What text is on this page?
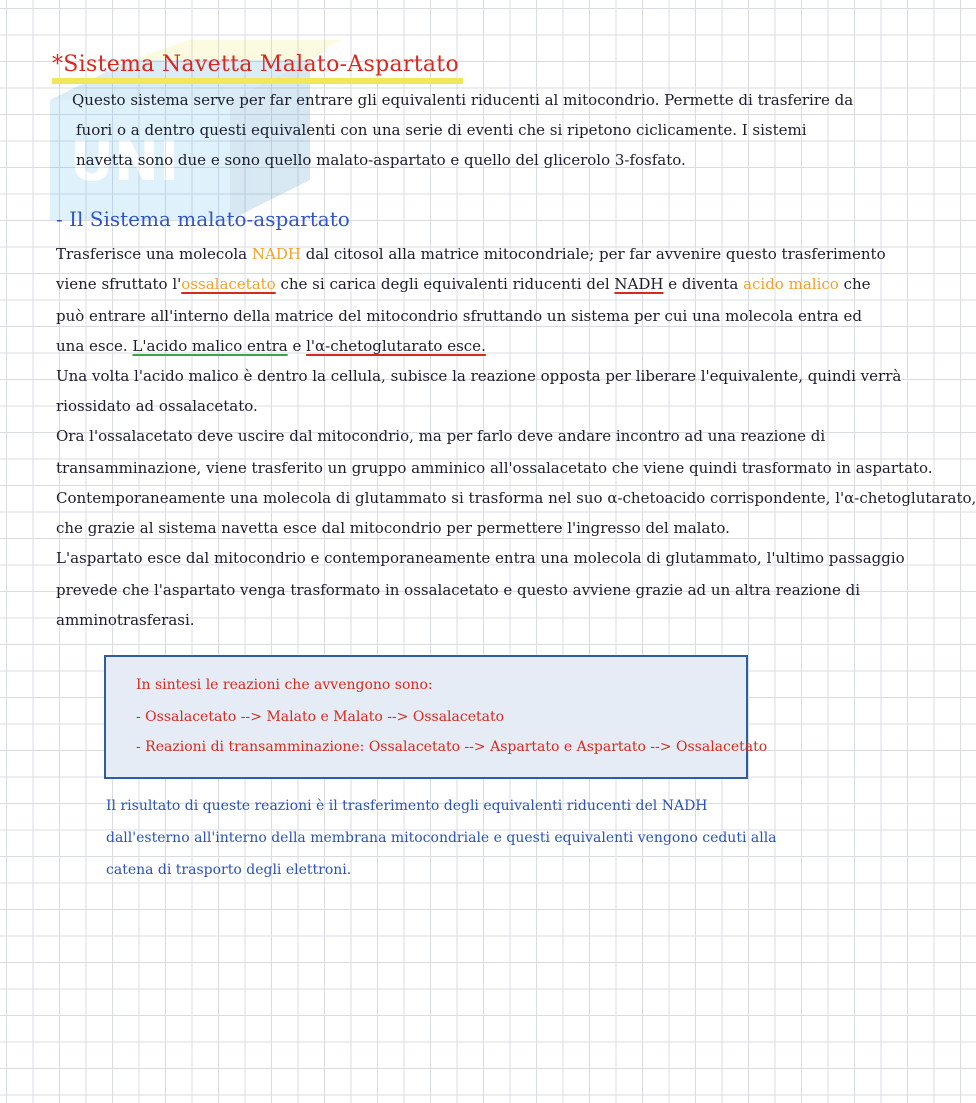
UNI
*Sistema Navetta Malato-Aspartato

Questo sistema serve per far entrare gli equivalenti riducenti al mitocondrio. Permette di trasferire da

fuori o a dentro questi equivalenti con una serie di eventi che si ripetono ciclicamente. I sistemi

navetta sono due e sono quello malato-aspartato e quello del glicerolo 3-fosfato.

- Il Sistema malato-aspartato

Trasferisce una molecola NADH dal citosol alla matrice mitocondriale; per far avvenire questo trasferimento

viene sfruttato l'ossalacetato che si carica degli equivalenti riducenti del NADH e diventa acido malico che

può entrare all'interno della matrice del mitocondrio sfruttando un sistema per cui una molecola entra ed

una esce. L'acido malico entra e l'α-chetoglutarato esce.

Una volta l'acido malico è dentro la cellula, subisce la reazione opposta per liberare l'equivalente, quindi verrà

riossidato ad ossalacetato.

Ora l'ossalacetato deve uscire dal mitocondrio, ma per farlo deve andare incontro ad una reazione di

transamminazione, viene trasferito un gruppo amminico all'ossalacetato che viene quindi trasformato in aspartato.

Contemporaneamente una molecola di glutammato si trasforma nel suo α-chetoacido corrispondente, l'α-chetoglutarato,

che grazie al sistema navetta esce dal mitocondrio per permettere l'ingresso del malato.

L'aspartato esce dal mitocondrio e contemporaneamente entra una molecola di glutammato, l'ultimo passaggio

prevede che l'aspartato venga trasformato in ossalacetato e questo avviene grazie ad un altra reazione di

amminotrasferasi.

In sintesi le reazioni che avvengono sono:

- Ossalacetato --> Malato e Malato --> Ossalacetato

- Reazioni di transamminazione: Ossalacetato --> Aspartato e Aspartato --> Ossalacetato

Il risultato di queste reazioni è il trasferimento degli equivalenti riducenti del NADH

dall'esterno all'interno della membrana mitocondriale e questi equivalenti vengono ceduti alla

catena di trasporto degli elettroni.
